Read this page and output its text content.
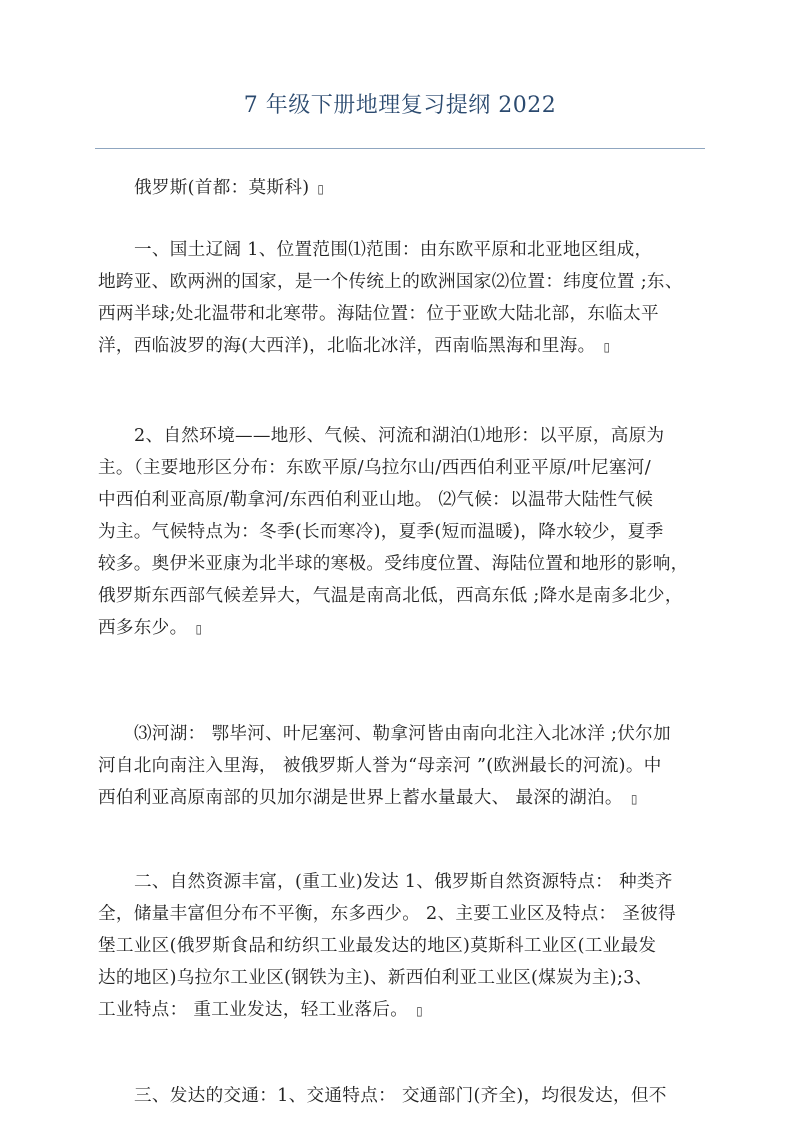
7 年级下册地理复习提纲 2022
俄罗斯(首都：莫斯科) ▯
一、国土辽阔 1、位置范围⑴范围：由东欧平原和北亚地区组成，
地跨亚、欧两洲的国家，是一个传统上的欧洲国家⑵位置：纬度位置 ;东、
西两半球;处北温带和北寒带。海陆位置：位于亚欧大陆北部，东临太平
洋，西临波罗的海(大西洋)，北临北冰洋，西南临黑海和里海。 ▯
2、自然环境——地形、气候、河流和湖泊⑴地形：以平原，高原为
主。（主要地形区分布：东欧平原/乌拉尔山/西西伯利亚平原/叶尼塞河/
中西伯利亚高原/勒拿河/东西伯利亚山地。 ⑵气候：以温带大陆性气候
为主。气候特点为：冬季(长而寒冷)，夏季(短而温暖)，降水较少，夏季
较多。奥伊米亚康为北半球的寒极。受纬度位置、海陆位置和地形的影响，
俄罗斯东西部气候差异大，气温是南高北低，西高东低 ;降水是南多北少，
西多东少。 ▯
⑶河湖： 鄂毕河、叶尼塞河、勒拿河皆由南向北注入北冰洋 ;伏尔加
河自北向南注入里海， 被俄罗斯人誉为“母亲河 ”(欧洲最长的河流)。中
西伯利亚高原南部的贝加尔湖是世界上蓄水量最大、 最深的湖泊。 ▯
二、自然资源丰富，(重工业)发达 1、俄罗斯自然资源特点： 种类齐
全，储量丰富但分布不平衡，东多西少。 2、主要工业区及特点： 圣彼得
堡工业区(俄罗斯食品和纺织工业最发达的地区)莫斯科工业区(工业最发
达的地区)乌拉尔工业区(钢铁为主)、新西伯利亚工业区(煤炭为主);3、
工业特点： 重工业发达，轻工业落后。 ▯
三、发达的交通：1、交通特点： 交通部门(齐全)，均很发达，但不
